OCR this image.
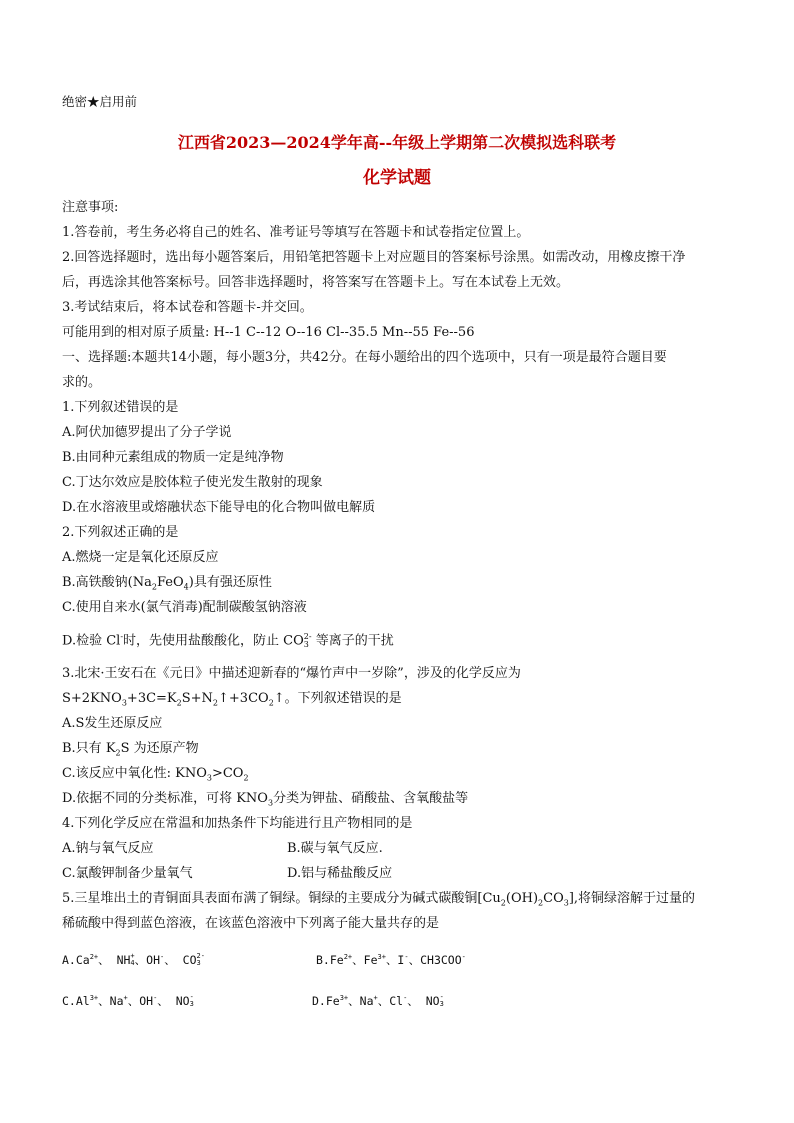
绝密★启用前
江西省2023—2024学年高--年级上学期第二次模拟选科联考
化学试题
注意事项:
1.答卷前，考生务必将自己的姓名、准考证号等填写在答题卡和试卷指定位置上。
2.回答选择题时，选出每小题答案后，用铅笔把答题卡上对应题目的答案标号涂黑。如需改动，用橡皮擦干净
后，再选涂其他答案标号。回答非选择题时，将答案写在答题卡上。写在本试卷上无效。
3.考试结束后，将本试卷和答题卡-并交回。
可能用到的相对原子质量: H--1 C--12 O--16 Cl--35.5 Mn--55 Fe--56
一、选择题:本题共14小题，每小题3分，共42分。在每小题给出的四个选项中，只有一项是最符合题目要
求的。
1.下列叙述错误的是
A.阿伏加德罗提出了分子学说
B.由同种元素组成的物质一定是纯净物
C.丁达尔效应是胶体粒子使光发生散射的现象
D.在水溶液里或熔融状态下能导电的化合物叫做电解质
2.下列叙述正确的是
A.燃烧一定是氧化还原反应
B.高铁酸钠$(Na_2FeO_4)$具有强还原性
C.使用自来水(氯气消毒)配制碳酸氢钠溶液
D.检验 Cl-时，先使用盐酸酸化，防止 CO 2-
3 等离子的干扰
3.北宋·王安石在《元日》中描述迎新春的“爆竹声中一岁除”，涉及的化学反应为
$S+2KNO_3+3C=K_2S+N_2↑+3CO_2↑$。下列叙述错误的是
A.S发生还原反应
B.只有 $K_2S$ 为还原产物
C.该反应中氧化性: $KNO_3>CO_2$
D.依据不同的分类标准，可将 $KNO_3$分类为钾盐、硝酸盐、含氧酸盐等
4.下列化学反应在常温和加热条件下均能进行且产物相同的是
A.钠与氧气反应	B.碳与氧气反应.
C.氯酸钾制备少量氧气	D.铝与稀盐酸反应
5.三星堆出土的青铜面具表面布满了铜绿。铜绿的主要成分为碱式碳酸铜$[Cu_2(OH)_2CO_3]$,将铜绿溶解于过量的
稀硫酸中得到蓝色溶液，在该蓝色溶液中下列离子能大量共存的是
$A.Ca^{2+}$、 NH +
4 、OH-、 CO 2-
3	$B.Fe^{2+}$、$Fe^{3+}$、I-、CH3COO-
$C.Al^{3+}$、Na+、OH-、 NO -
3	$D.Fe^{3+}$、Na+、Cl-、 NO -
3
